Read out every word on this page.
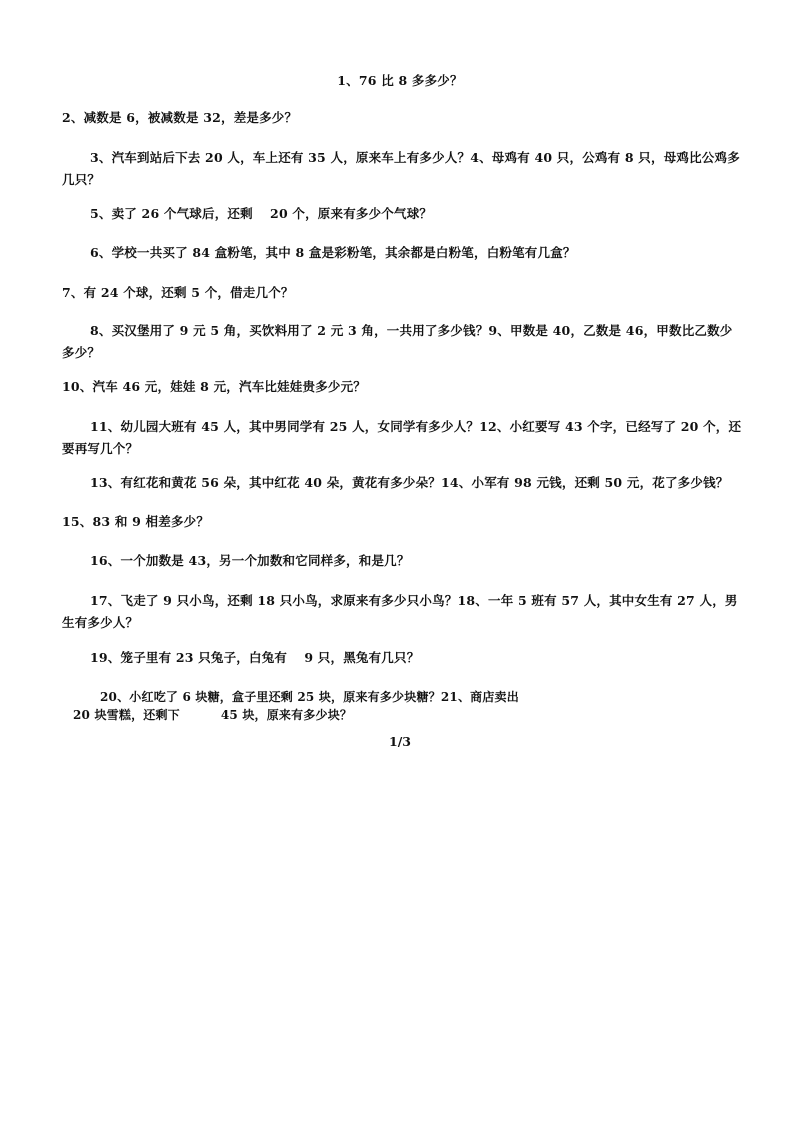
1、76 比 8 多多少？
2、减数是 6，被减数是 32，差是多少？
3、汽车到站后下去 20 人，车上还有 35 人，原来车上有多少人？4、母鸡有 40 只，公鸡有 8 只，母鸡比公鸡多几只？
5、卖了 26 个气球后，还剩　 20 个，原来有多少个气球？
6、学校一共买了 84 盒粉笔，其中 8 盒是彩粉笔，其余都是白粉笔，白粉笔有几盒？
7、有 24 个球，还剩 5 个，借走几个？
8、买汉堡用了 9 元 5 角，买饮料用了 2 元 3 角，一共用了多少钱？9、甲数是 40，乙数是 46，甲数比乙数少多少？
10、汽车 46 元，娃娃 8 元，汽车比娃娃贵多少元？
11、幼儿园大班有 45 人，其中男同学有 25 人，女同学有多少人？12、小红要写 43 个字，已经写了 20 个，还要再写几个？
13、有红花和黄花 56 朵，其中红花 40 朵，黄花有多少朵？14、小军有 98 元钱，还剩 50 元，花了多少钱？
15、83 和 9 相差多少？
16、一个加数是 43，另一个加数和它同样多，和是几？
17、飞走了 9 只小鸟，还剩 18 只小鸟，求原来有多少只小鸟？18、一年 5 班有 57 人，其中女生有 27 人，男生有多少人？
19、笼子里有 23 只兔子，白兔有　 9 只，黑兔有几只？
20、小红吃了 6 块糖，盒子里还剩 25 块，原来有多少块糖？21、商店卖出
20 块雪糕，还剩下　　　 45 块，原来有多少块？
1/3
